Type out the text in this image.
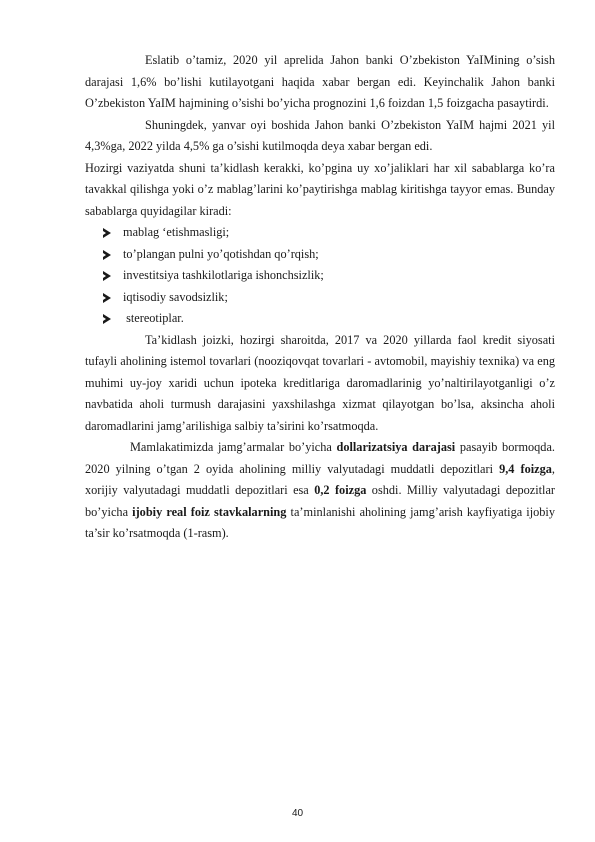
Eslatib o’tamiz, 2020 yil aprelida Jahon banki O’zbekiston YaIMining o’sish darajasi 1,6% bo’lishi kutilayotgani haqida xabar bergan edi. Keyinchalik Jahon banki O’zbekiston YaIM hajmining o’sishi bo’yicha prognozini 1,6 foizdan 1,5 foizgacha pasaytirdi.

Shuningdek, yanvar oyi boshida Jahon banki O’zbekiston YaIM hajmi 2021 yil 4,3%ga, 2022 yilda 4,5% ga o’sishi kutilmoqda deya xabar bergan edi.

Hozirgi vaziyatda shuni ta’kidlash kerakki, ko’pgina uy xo’jaliklari har xil sabablarga ko’ra tavakkal qilishga yoki o’z mablag’larini ko’paytirishga mablag kiritishga tayyor emas. Bunday sabablarga quyidagilar kiradi:

mablag ‘etishmasligi;
to’plangan pulni yo’qotishdan qo’rqish;
investitsiya tashkilotlariga ishonchsizlik;
iqtisodiy savodsizlik;
stereotiplar.

Ta’kidlash joizki, hozirgi sharoitda, 2017 va 2020 yillarda faol kredit siyosati tufayli aholining istemol tovarlari (nooziqovqat tovarlari - avtomobil, mayishiy texnika) va eng muhimi uy-joy xaridi uchun ipoteka kreditlariga daromadlarinig yo’naltirilayotganligi o’z navbatida aholi turmush darajasini yaxshilashga xizmat qilayotgan bo’lsa, aksincha aholi daromadlarini jamg’arilishiga salbiy ta’sirini ko’rsatmoqda.

Mamlakatimizda jamg’armalar bo’yicha dollarizatsiya darajasi pasayib bormoqda. 2020 yilning o’tgan 2 oyida aholining milliy valyutadagi muddatli depozitlari 9,4 foizga, xorijiy valyutadagi muddatli depozitlari esa 0,2 foizga oshdi. Milliy valyutadagi depozitlar bo’yicha ijobiy real foiz stavkalarning ta’minlanishi aholining jamg’arish kayfiyatiga ijobiy ta’sir ko’rsatmoqda (1-rasm).

40
